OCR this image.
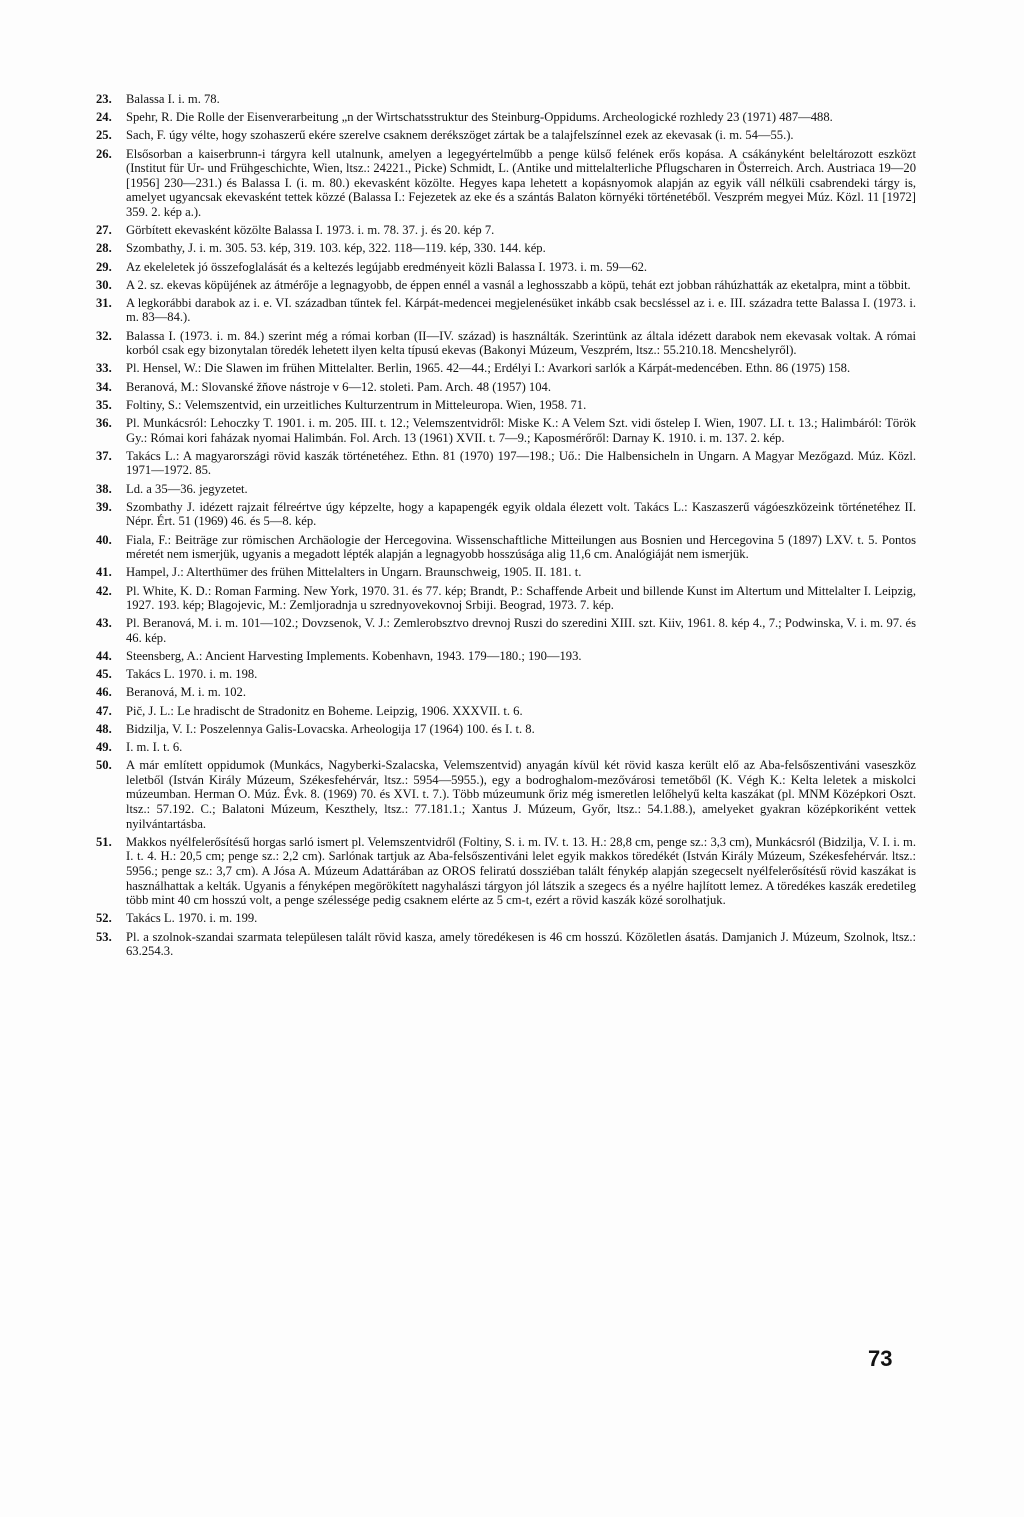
23.	Balassa I. i. m. 78.
24.	Spehr, R. Die Rolle der Eisenverarbeitung „n der Wirtschatsstruktur des Steinburg-Oppidums. Archeologické rozhledy 23 (1971) 487—488.
25.	Sach, F. úgy vélte, hogy szohaszerű ekére szerelve csaknem derékszöget zártak be a talajfelszínnel ezek az ekevasak (i. m. 54—55.).
26.	Elsősorban a kaiserbrunn-i tárgyra kell utalnunk, amelyen a legegyértelműbb a penge külső felének erős kopása. A csákányként beleltározott eszközt (Institut für Ur- und Frühgeschichte, Wien, ltsz.: 24221., Picke) Schmidt, L. (Antike und mittelalterliche Pflugscharen in Österreich. Arch. Austriaca 19—20 [1956] 230—231.) és Balassa I. (i. m. 80.) ekevasként közölte. Hegyes kapa lehetett a kopásnyomok alapján az egyik váll nélküli csabrendeki tárgy is, amelyet ugyancsak ekevasként tettek közzé (Balassa I.: Fejezetek az eke és a szántás Balaton környéki történetéből. Veszprém megyei Múz. Közl. 11 [1972] 359. 2. kép a.).
27.	Görbített ekevasként közölte Balassa I. 1973. i. m. 78. 37. j. és 20. kép 7.
28.	Szombathy, J. i. m. 305. 53. kép, 319. 103. kép, 322. 118—119. kép, 330. 144. kép.
29.	Az ekeleletek jó összefoglalását és a keltezés legújabb eredményeit közli Balassa I. 1973. i. m. 59—62.
30.	A 2. sz. ekevas köpüjének az átmérője a legnagyobb, de éppen ennél a vasnál a leghosszabb a köpü, tehát ezt jobban ráhúzhatták az eketalpra, mint a többit.
31.	A legkorábbi darabok az i. e. VI. században tűntek fel. Kárpát-medencei megjelenésüket inkább csak becsléssel az i. e. III. századra tette Balassa I. (1973. i. m. 83—84.).
32.	Balassa I. (1973. i. m. 84.) szerint még a római korban (II—IV. század) is használták. Szerintünk az általa idézett darabok nem ekevasak voltak. A római korból csak egy bizonytalan töredék lehetett ilyen kelta típusú ekevas (Bakonyi Múzeum, Veszprém, ltsz.: 55.210.18. Mencshelyről).
33.	Pl. Hensel, W.: Die Slawen im frühen Mittelalter. Berlin, 1965. 42—44.; Erdélyi I.: Avarkori sarlók a Kárpát-medencében. Ethn. 86 (1975) 158.
34.	Beranová, M.: Slovanské žňove nástroje v 6—12. stoleti. Pam. Arch. 48 (1957) 104.
35.	Foltiny, S.: Velemszentvid, ein urzeitliches Kulturzentrum in Mitteleuropa. Wien, 1958. 71.
36.	Pl. Munkácsról: Lehoczky T. 1901. i. m. 205. III. t. 12.; Velemszentvidről: Miske K.: A Velem Szt. vidi őstelep I. Wien, 1907. LI. t. 13.; Halimbáról: Török Gy.: Római kori faházak nyomai Halimbán. Fol. Arch. 13 (1961) XVII. t. 7—9.; Kaposmérőről: Darnay K. 1910. i. m. 137. 2. kép.
37.	Takács L.: A magyarországi rövid kaszák történetéhez. Ethn. 81 (1970) 197—198.; Uő.: Die Halbensicheln in Ungarn. A Magyar Mezőgazd. Múz. Közl. 1971—1972. 85.
38.	Ld. a 35—36. jegyzetet.
39.	Szombathy J. idézett rajzait félreértve úgy képzelte, hogy a kapapengék egyik oldala élezett volt. Takács L.: Kaszaszerű vágóeszközeink történetéhez II. Népr. Ért. 51 (1969) 46. és 5—8. kép.
40.	Fiala, F.: Beiträge zur römischen Archäologie der Hercegovina. Wissenschaftliche Mitteilungen aus Bosnien und Hercegovina 5 (1897) LXV. t. 5. Pontos méretét nem ismerjük, ugyanis a megadott lépték alapján a legnagyobb hosszúsága alig 11,6 cm. Analógiáját nem ismerjük.
41.	Hampel, J.: Alterthümer des frühen Mittelalters in Ungarn. Braunschweig, 1905. II. 181. t.
42.	Pl. White, K. D.: Roman Farming. New York, 1970. 31. és 77. kép; Brandt, P.: Schaffende Arbeit und billende Kunst im Altertum und Mittelalter I. Leipzig, 1927. 193. kép; Blagojevic, M.: Zemljoradnja u szrednyovekovnoj Srbiji. Beograd, 1973. 7. kép.
43.	Pl. Beranová, M. i. m. 101—102.; Dovzsenok, V. J.: Zemlerobsztvo drevnoj Ruszi do szeredini XIII. szt. Kiiv, 1961. 8. kép 4., 7.; Podwinska, V. i. m. 97. és 46. kép.
44.	Steensberg, A.: Ancient Harvesting Implements. Kobenhavn, 1943. 179—180.; 190—193.
45.	Takács L. 1970. i. m. 198.
46.	Beranová, M. i. m. 102.
47.	Pič, J. L.: Le hradischt de Stradonitz en Boheme. Leipzig, 1906. XXXVII. t. 6.
48.	Bidzilja, V. I.: Poszelennya Galis-Lovacska. Arheologija 17 (1964) 100. és I. t. 8.
49.	I. m. I. t. 6.
50.	A már említett oppidumok (Munkács, Nagyberki-Szalacska, Velemszentvid) anyagán kívül két rövid kasza került elő az Aba-felsőszentiváni vaseszköz leletből (István Király Múzeum, Székesfehérvár, ltsz.: 5954—5955.), egy a bodroghalom-mezővárosi temetőből (K. Végh K.: Kelta leletek a miskolci múzeumban. Herman O. Múz. Évk. 8. (1969) 70. és XVI. t. 7.). Több múzeumunk őriz még ismeretlen lelőhelyű kelta kaszákat (pl. MNM Középkori Oszt. ltsz.: 57.192. C.; Balatoni Múzeum, Keszthely, ltsz.: 77.181.1.; Xantus J. Múzeum, Győr, ltsz.: 54.1.88.), amelyeket gyakran középkoriként vettek nyilvántartásba.
51.	Makkos nyélfelerősítésű horgas sarló ismert pl. Velemszentvidről (Foltiny, S. i. m. IV. t. 13. H.: 28,8 cm, penge sz.: 3,3 cm), Munkácsról (Bidzilja, V. I. i. m. I. t. 4. H.: 20,5 cm; penge sz.: 2,2 cm). Sarlónak tartjuk az Aba-felsőszentiváni lelet egyik makkos töredékét (István Király Múzeum, Székesfehérvár. ltsz.: 5956.; penge sz.: 3,7 cm). A Jósa A. Múzeum Adattárában az OROS feliratú dossziéban talált fénykép alapján szegecselt nyélfelerősítésű rövid kaszákat is használhattak a kelták. Ugyanis a fényképen megörökített nagyhalászi tárgyon jól látszik a szegecs és a nyélre hajlított lemez. A töredékes kaszák eredetileg több mint 40 cm hosszú volt, a penge szélessége pedig csaknem elérte az 5 cm-t, ezért a rövid kaszák közé sorolhatjuk.
52.	Takács L. 1970. i. m. 199.
53.	Pl. a szolnok-szandai szarmata települesen talált rövid kasza, amely töredékesen is 46 cm hosszú. Közöletlen ásatás. Damjanich J. Múzeum, Szolnok, ltsz.: 63.254.3.
73
